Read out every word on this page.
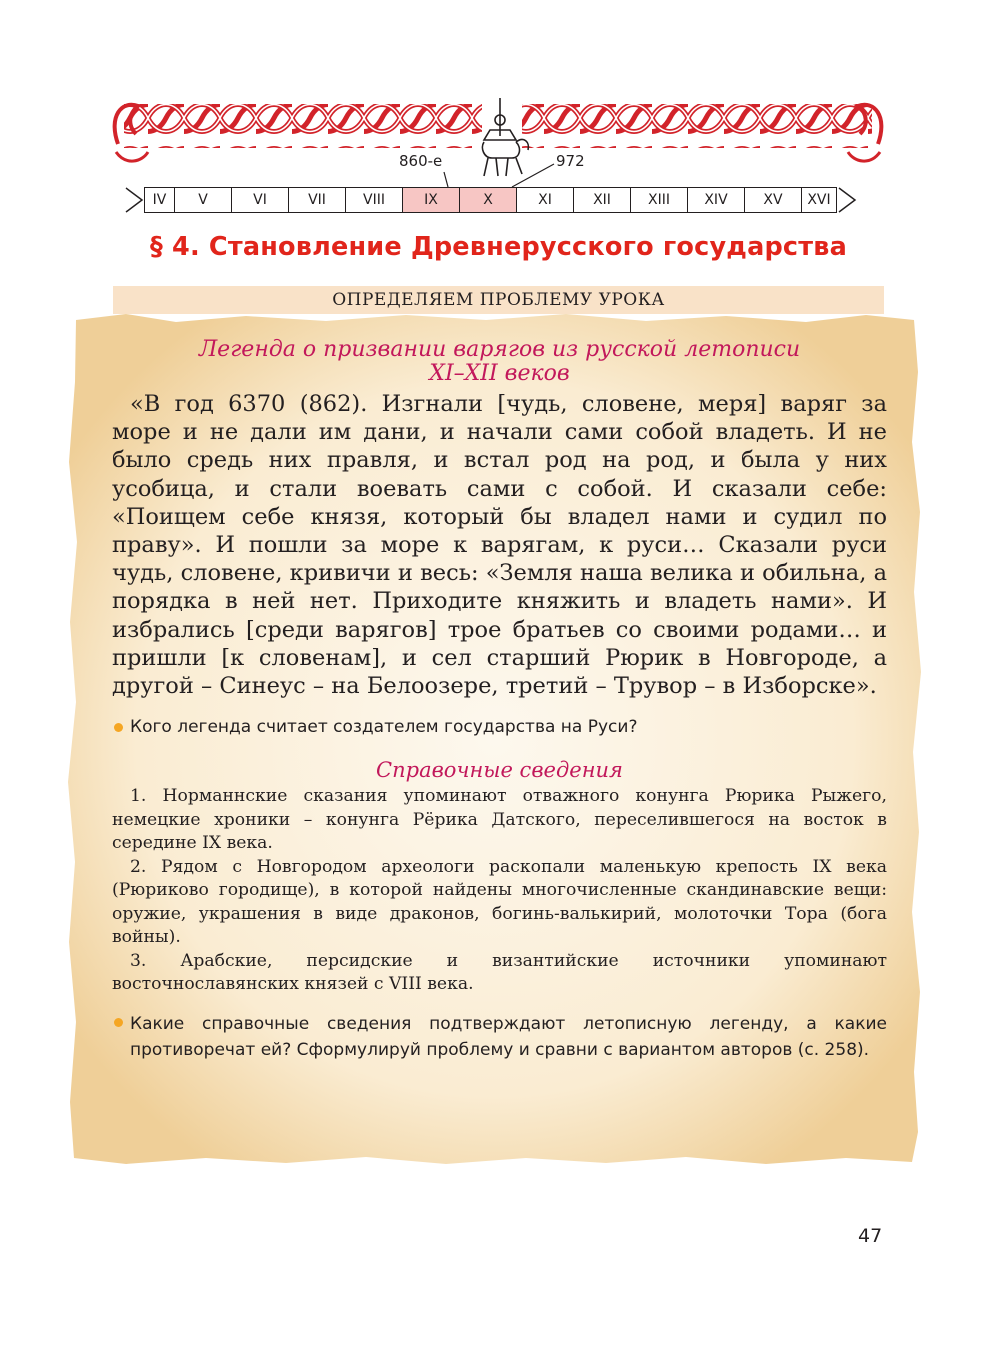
860-е	972
IV	V	VI	VII	VIII	IX	X	XI	XII	XIII	XIV	XV	XVI
§ 4. Становление Древнерусского государства
ОПРЕДЕЛЯЕМ ПРОБЛЕМУ УРОКА
Легенда о призвании варягов из русской летописи
XI–XII веков

«В год 6370 (862). Изгнали [чудь, словене, меря] варяг за море и не дали им дани, и начали сами собой владеть. И не было средь них правля, и встал род на род, и была у них усобица, и стали воевать сами с собой. И сказали себе: «Поищем себе князя, который бы владел нами и судил по праву». И пошли за море к варягам, к руси… Сказали руси чудь, словене, кривичи и весь: «Земля наша велика и обильна, а порядка в ней нет. Приходите княжить и владеть нами». И избрались [среди варягов] трое братьев со своими родами… и пришли [к словенам], и сел старший Рюрик в Новгороде, а другой – Синеус – на Белоозере, третий – Трувор – в Изборске».

Кого легенда считает создателем государства на Руси?
Справочные сведения

1. Норманнские сказания упоминают отважного конунга Рюрика Рыжего, немецкие хроники – конунга Рёрика Датского, переселившегося на восток в середине IX века.

2. Рядом с Новгородом археологи раскопали маленькую крепость IX века (Рюриково городище), в которой найдены многочисленные скандинавские вещи: оружие, украшения в виде драконов, богинь-валькирий, молоточки Тора (бога войны).

3. Арабские, персидские и византийские источники упоминают восточнославянских князей с VIII века.

Какие справочные сведения подтверждают летописную легенду, а какие противоречат ей? Сформулируй проблему и сравни с вариантом авторов (с. 258).
47
